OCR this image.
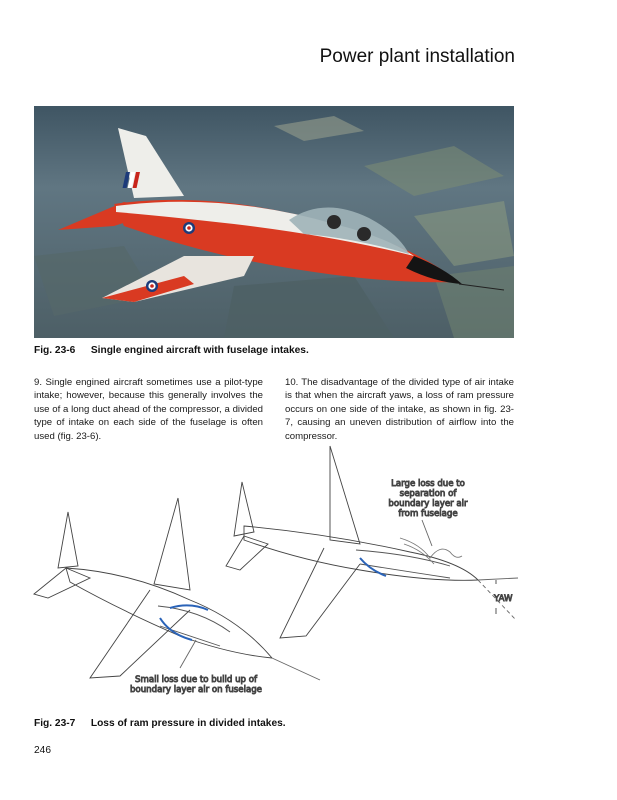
Power plant installation
Fig. 23-6 Single engined aircraft with fuselage intakes.
9. Single engined aircraft sometimes use a pilot-type intake; however, because this generally involves the use of a long duct ahead of the compressor, a divided type of intake on each side of the fuselage is often used (fig. 23-6).
10. The disadvantage of the divided type of air intake is that when the aircraft yaws, a loss of ram pressure occurs on one side of the intake, as shown in fig. 23-7, causing an uneven distribution of airflow into the compressor.
Large loss due to
separation of
boundary layer air
from fuselage
YAW
Small loss due to build up of
boundary layer air on fuselage
Fig. 23-7 Loss of ram pressure in divided intakes.
246
